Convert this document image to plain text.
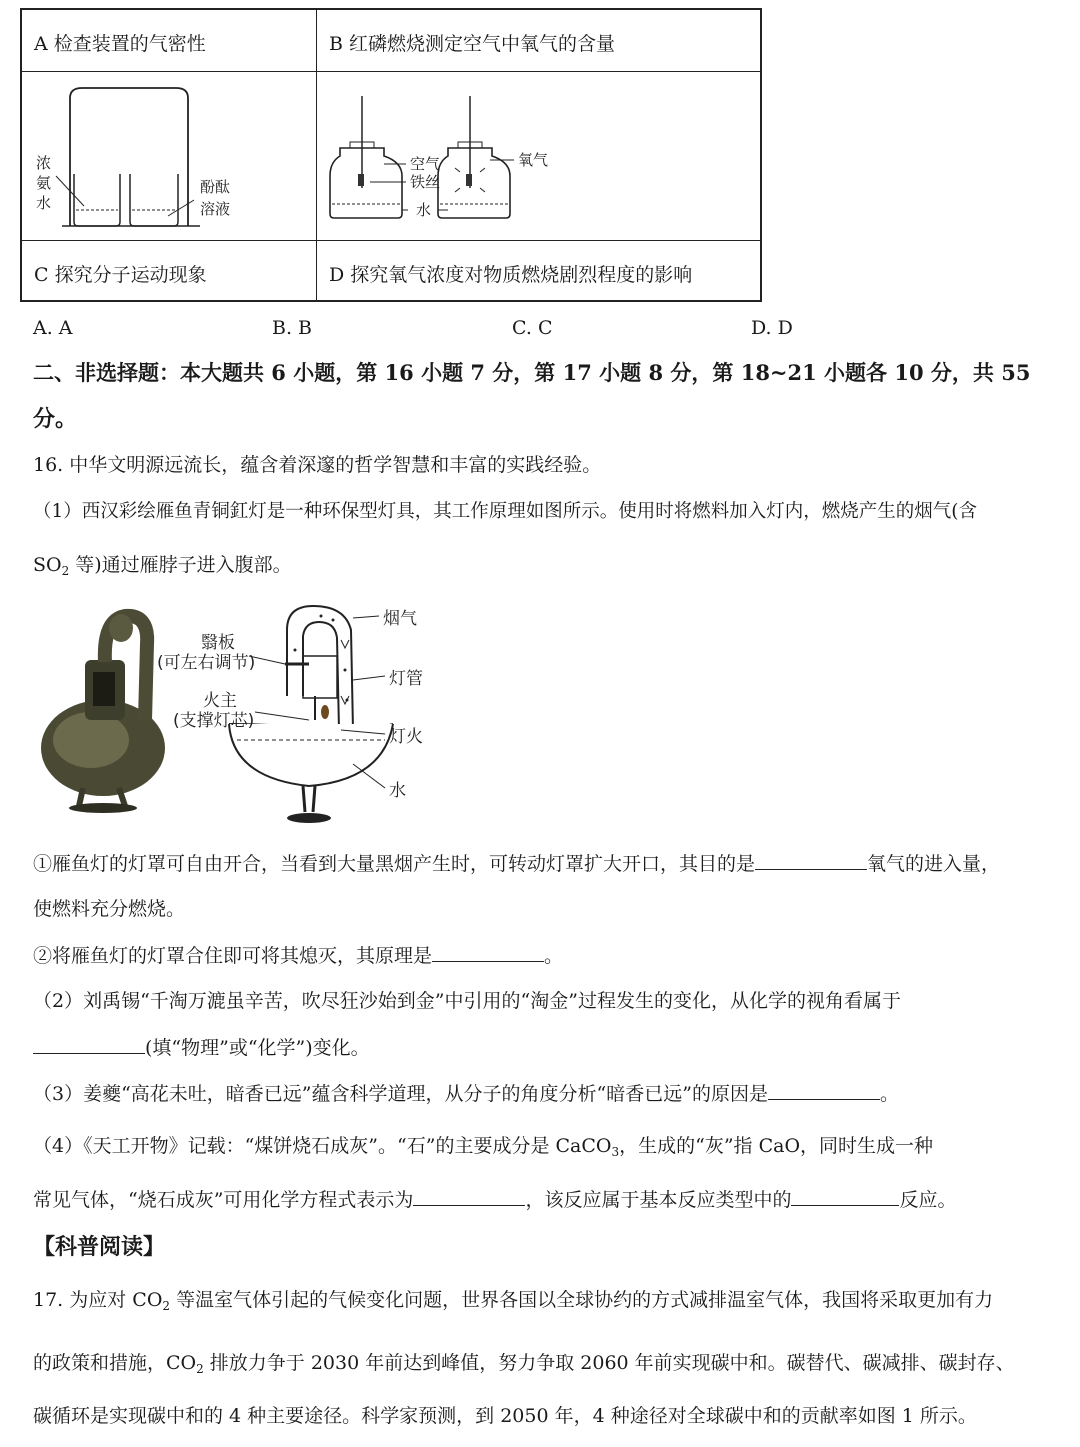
A 检查装置的气密性	B 红磷燃烧测定空气中氧气的含量
C 探究分子运动现象	D 探究氧气浓度对物质燃烧剧烈程度的影响
浓
氨
水
酚酞
溶液
空气
铁丝
氧气
水
A. A	B. B	C. C	D. D
二、非选择题：本大题共 6 小题，第 16 小题 7 分，第 17 小题 8 分，第 18~21 小题各 10 分，共 55
分。
16. 中华文明源远流长，蕴含着深邃的哲学智慧和丰富的实践经验。
（1）西汉彩绘雁鱼青铜釭灯是一种环保型灯具，其工作原理如图所示。使用时将燃料加入灯内，燃烧产生的烟气(含
$SO_2$ 等)通过雁脖子进入腹部。
翳板
(可左右调节)
火主
(支撑灯芯)
烟气
灯管
灯火
水
①雁鱼灯的灯罩可自由开合，当看到大量黑烟产生时，可转动灯罩扩大开口，其目的是	氧气的进入量，
使燃料充分燃烧。
②将雁鱼灯的灯罩合住即可将其熄灭，其原理是	。
（2）刘禹锡“千淘万漉虽辛苦，吹尽狂沙始到金”中引用的“淘金”过程发生的变化，从化学的视角看属于
(填“物理”或“化学”)变化。
（3）姜夔“高花未吐，暗香已远”蕴含科学道理，从分子的角度分析“暗香已远”的原因是	。
（4）《天工开物》记载：“煤饼烧石成灰”。“石”的主要成分是 CaCO$_3$，生成的“灰”指 CaO，同时生成一种
常见气体，“烧石成灰”可用化学方程式表示为	，该反应属于基本反应类型中的	反应。
【科普阅读】
17. 为应对 $CO_2$ 等温室气体引起的气候变化问题，世界各国以全球协约的方式减排温室气体，我国将采取更加有力
的政策和措施，$CO_2$ 排放力争于 2030 年前达到峰值，努力争取 2060 年前实现碳中和。碳替代、碳减排、碳封存、
碳循环是实现碳中和的 4 种主要途径。科学家预测，到 2050 年，4 种途径对全球碳中和的贡献率如图 1 所示。
